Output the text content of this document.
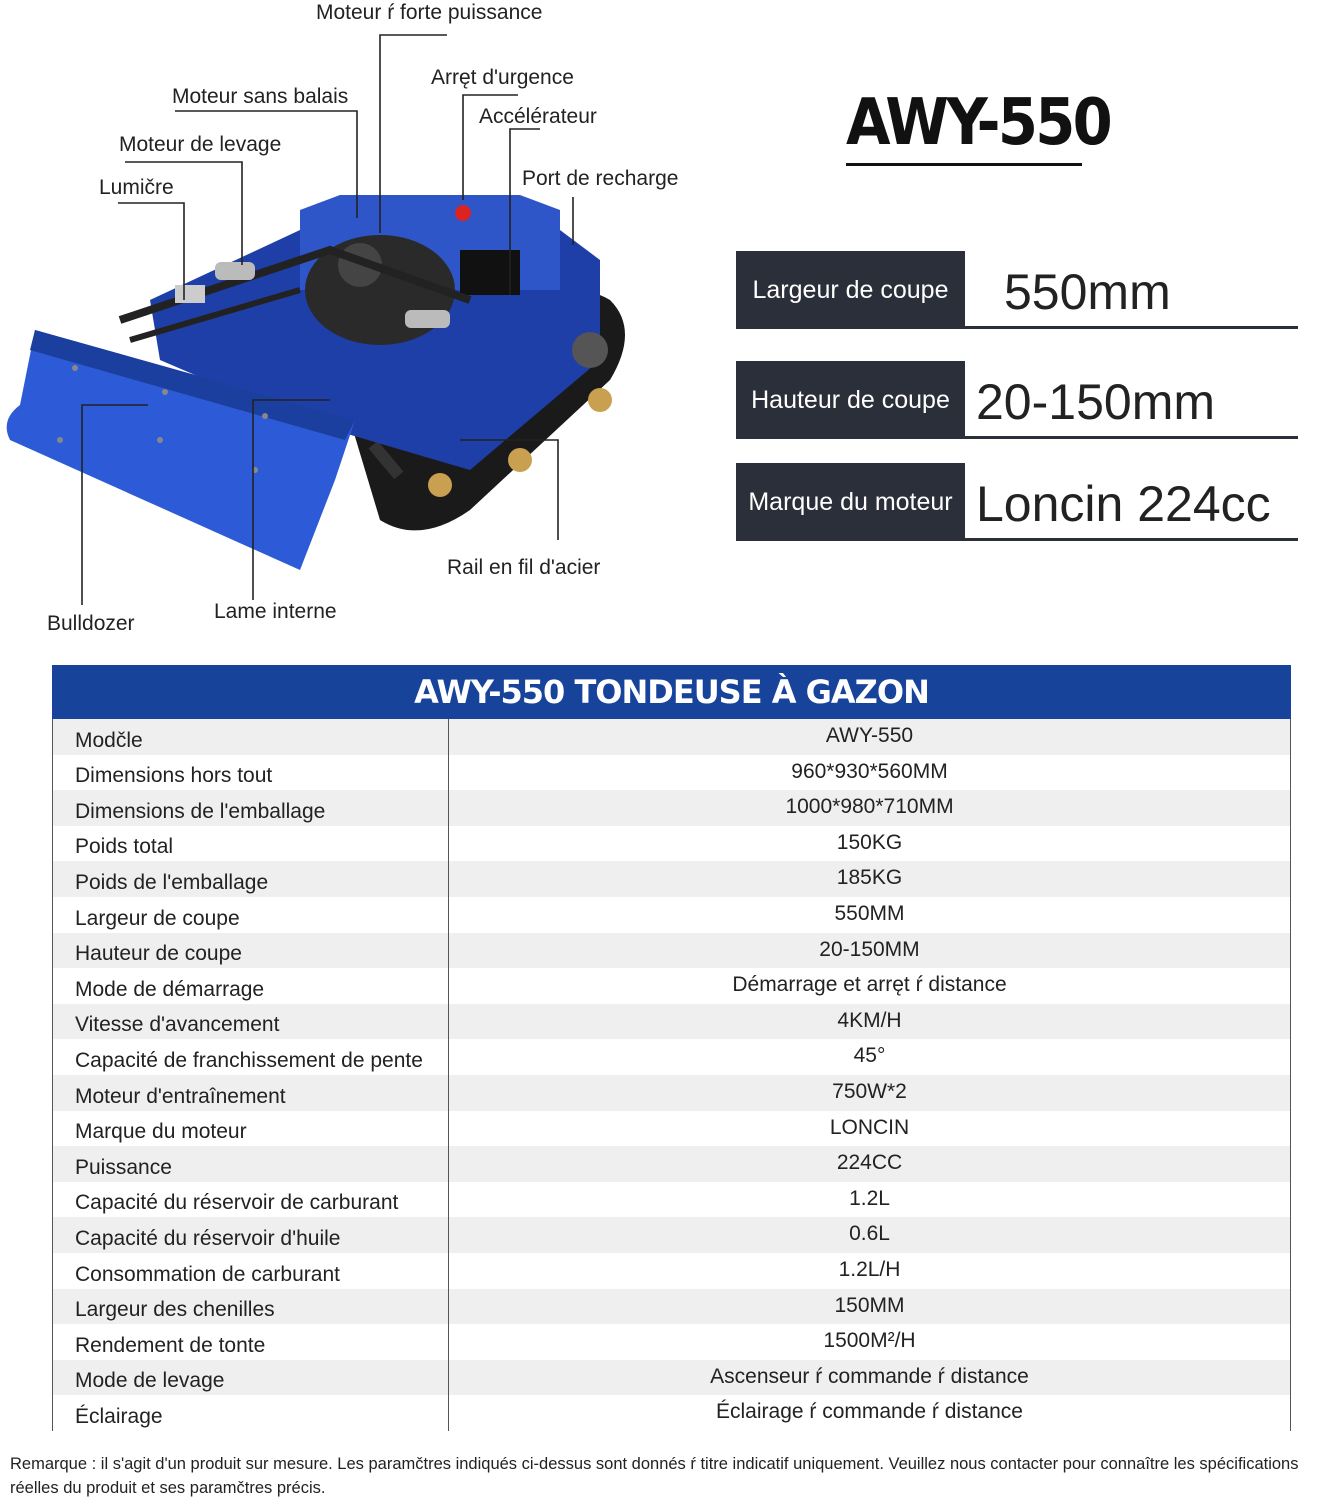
Moteur ŕ forte puissance
Arręt d'urgence
Moteur sans balais
Accélérateur
Moteur de levage
Port de recharge
Lumičre
Rail en fil d'acier
Bulldozer
Lame interne
AWY-550
Largeur de coupe	550mm
Hauteur de coupe 20-150mm
Marque du moteur Loncin 224cc
AWY-550 TONDEUSE À GAZON
Modčle	AWY-550
Dimensions hors tout	960*930*560MM
Dimensions de l'emballage	1000*980*710MM
Poids total	150KG
Poids de l'emballage	185KG
Largeur de coupe	550MM
Hauteur de coupe	20-150MM
Mode de démarrage	Démarrage et arręt ŕ distance
Vitesse d'avancement	4KM/H
Capacité de franchissement de pente	45°
Moteur d'entraînement	750W*2
Marque du moteur	LONCIN
Puissance	224CC
Capacité du réservoir de carburant	1.2L
Capacité du réservoir d'huile	0.6L
Consommation de carburant	1.2L/H
Largeur des chenilles	150MM
Rendement de tonte	1500M²/H
Mode de levage	Ascenseur ŕ commande ŕ distance
Éclairage	Éclairage ŕ commande ŕ distance
Remarque : il s'agit d'un produit sur mesure. Les paramčtres indiqués ci-dessus sont donnés ŕ titre indicatif uniquement. Veuillez nous contacter pour connaître les spécifications réelles du produit et ses paramčtres précis.
